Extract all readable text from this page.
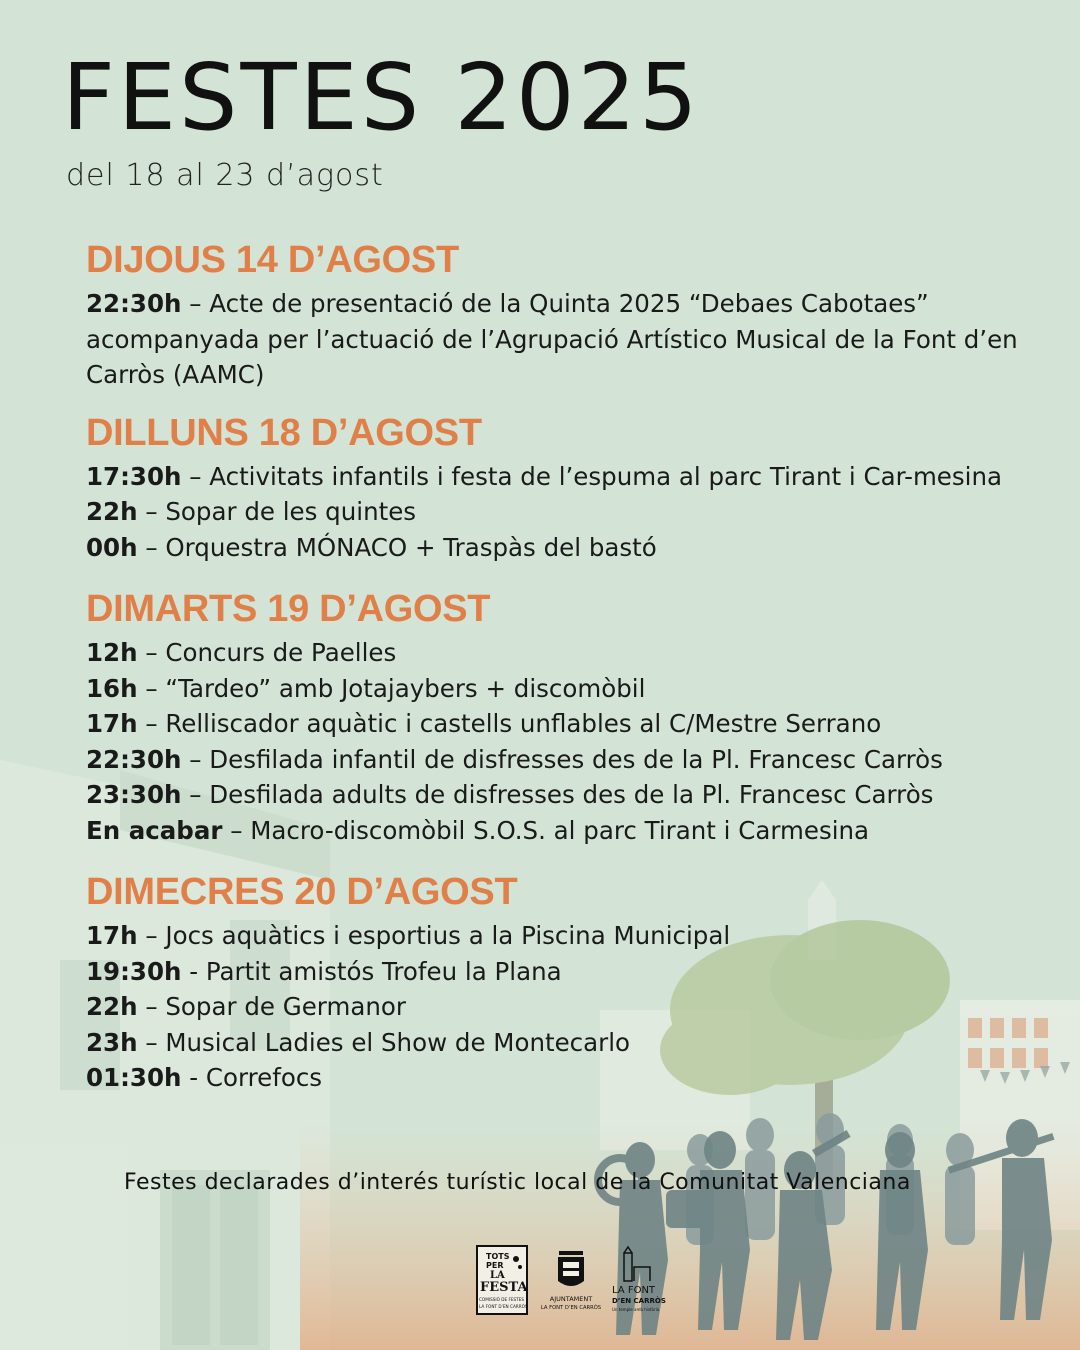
FESTES 2025
del 18 al 23 d’agost
DIJOUS 14 D’AGOST

22:30h – Acte de presentació de la Quinta 2025 “Debaes Cabotaes” acompanyada per l’actuació de l’Agrupació Artístico Musical de la Font d’en Carròs (AAMC)

DILLUNS 18 D’AGOST

17:30h – Activitats infantils i festa de l’espuma al parc Tirant i Car-mesina

22h – Sopar de les quintes

00h – Orquestra MÓNACO + Traspàs del bastó

DIMARTS 19 D’AGOST

12h – Concurs de Paelles

16h – “Tardeo” amb Jotajaybers + discomòbil

17h – Relliscador aquàtic i castells unflables al C/Mestre Serrano

22:30h – Desfilada infantil de disfresses des de la Pl. Francesc Carròs

23:30h – Desfilada adults de disfresses des de la Pl. Francesc Carròs

En acabar – Macro-discomòbil S.O.S. al parc Tirant i Carmesina

DIMECRES 20 D’AGOST

17h – Jocs aquàtics i esportius a la Piscina Municipal

19:30h - Partit amistós Trofeu la Plana

22h – Sopar de Germanor

23h – Musical Ladies el Show de Montecarlo

01:30h - Correfocs

Festes declarades d’interés turístic local de la Comunitat Valenciana
TOTS
PER
LA
FESTA
COMISSIÓ DE FESTES
LA FONT D’EN CARRÒS
AJUNTAMENT
LA FONT D’EN CARRÒS
LA FONT
D’EN CARRÒS
Un temple amb història
